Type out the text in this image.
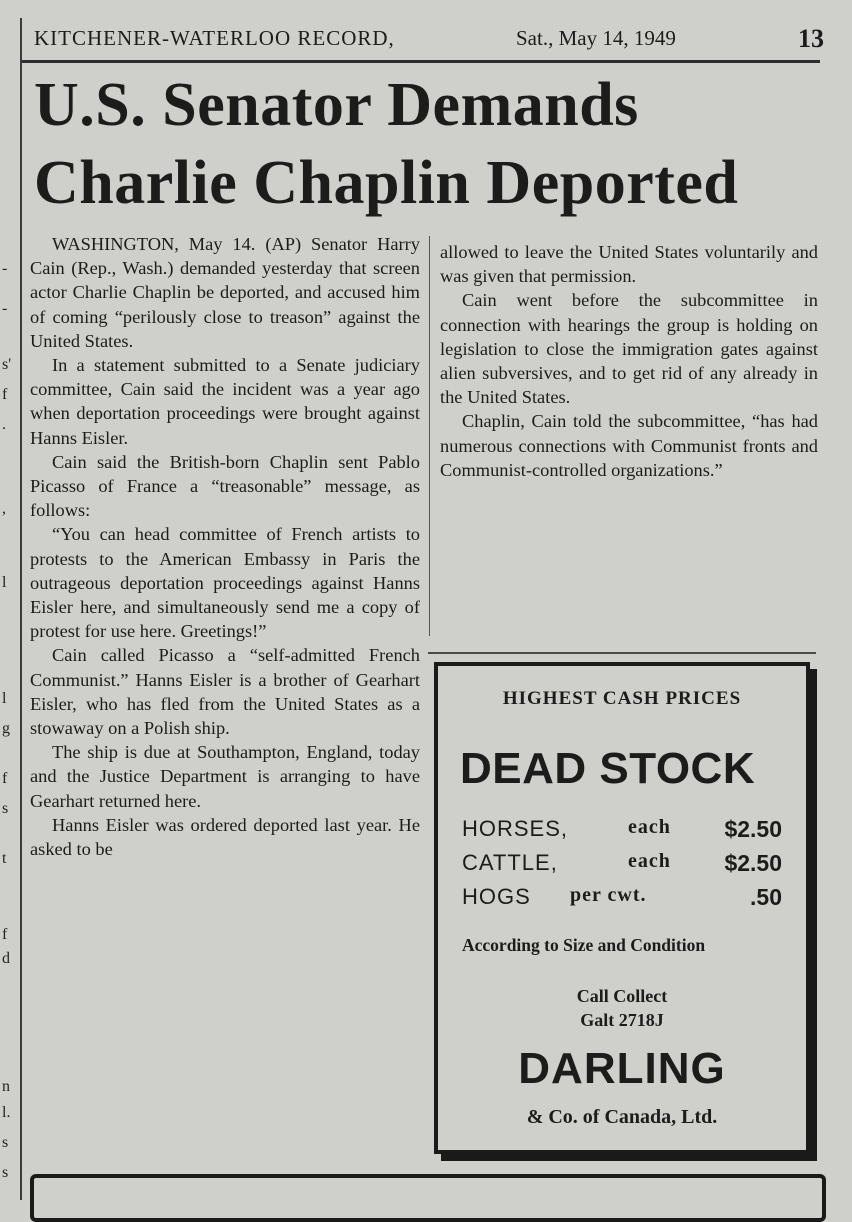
-
-
s'
f
.
,
l
l
g
f
s
t
f
d
n
l.
s
s
KITCHENER-WATERLOO RECORD,	Sat., May 14, 1949	13
U.S. Senator Demands
Charlie Chaplin Deported

WASHINGTON, May 14. (AP) Senator Harry Cain (Rep., Wash.) demanded yesterday that screen actor Charlie Chaplin be deported, and accused him of coming “perilously close to treason” against the United States.

In a statement submitted to a Senate judiciary committee, Cain said the incident was a year ago when deportation proceedings were brought against Hanns Eisler.

Cain said the British-born Chaplin sent Pablo Picasso of France a “treasonable” message, as follows:

“You can head committee of French artists to protests to the American Embassy in Paris the outrageous deportation proceedings against Hanns Eisler here, and simultaneously send me a copy of protest for use here. Greetings!”

Cain called Picasso a “self-admitted French Communist.” Hanns Eisler is a brother of Gearhart Eisler, who has fled from the United States as a stowaway on a Polish ship.

The ship is due at Southampton, England, today and the Justice Department is arranging to have Gearhart returned here.

Hanns Eisler was ordered deported last year. He asked to be

allowed to leave the United States voluntarily and was given that permission.

Cain went before the subcommittee in connection with hearings the group is holding on legislation to close the immigration gates against alien subversives, and to get rid of any already in the United States.

Chaplin, Cain told the subcommittee, “has had numerous connections with Communist fronts and Communist-controlled organizations.”

HIGHEST CASH PRICES
DEAD STOCK
HORSES,	each $2.50
CATTLE,	each $2.50
HOGS per cwt.	.50
According to Size and Condition
Call Collect
Galt 2718J
DARLING
& Co. of Canada, Ltd.
